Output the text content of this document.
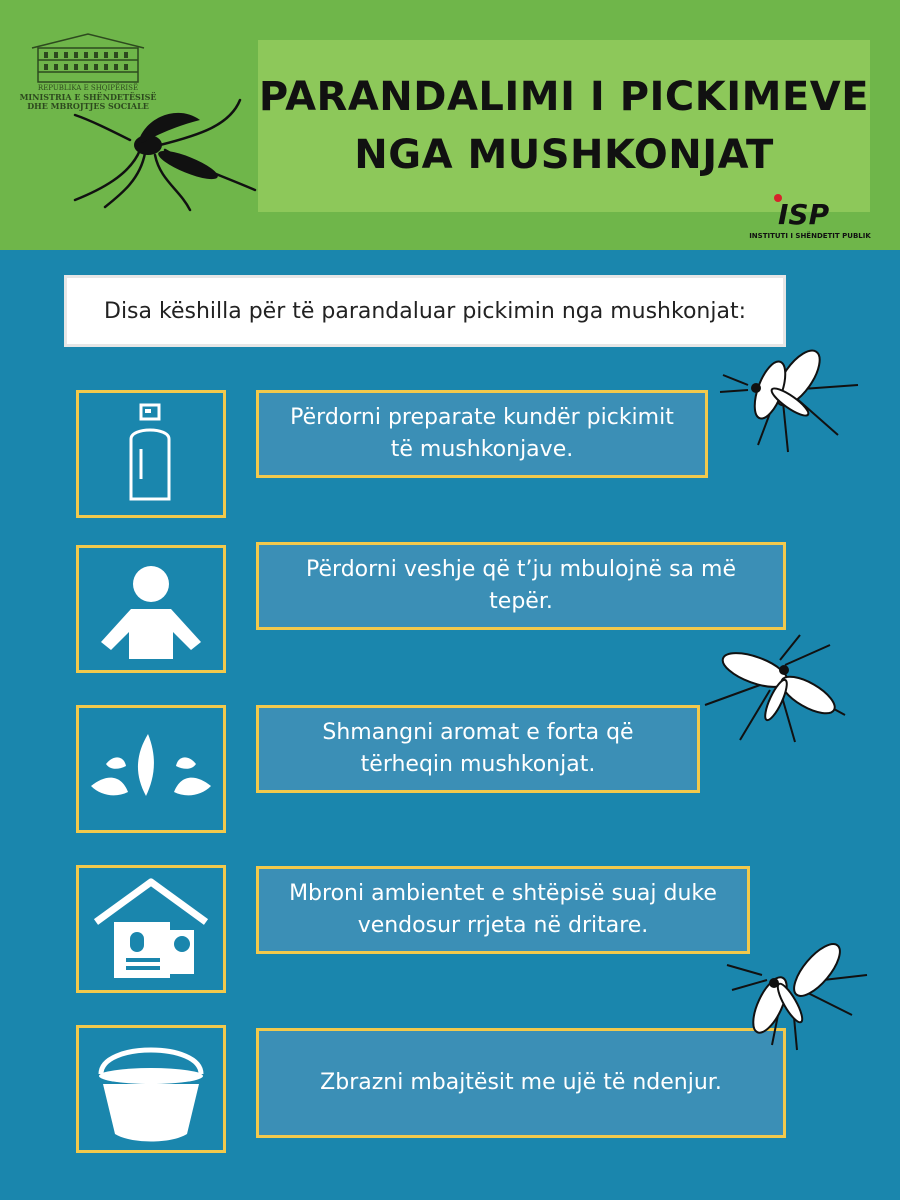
REPUBLIKA E SHQIPËRISË
MINISTRIA E SHËNDETËSISË
DHE MBROJTJES SOCIALE	PARANDALIMI I PICKIMEVE
NGA MUSHKONJAT
ISP
INSTITUTI I SHËNDETIT PUBLIK
Disa këshilla për të parandaluar pickimin nga mushkonjat:
Përdorni preparate kundër pickimit
të mushkonjave.
Përdorni veshje që t’ju mbulojnë sa më
tepër.
Shmangni aromat e forta që
tërheqin mushkonjat.
Mbroni ambientet e shtëpisë suaj duke
vendosur rrjeta në dritare.
Zbrazni mbajtësit me ujë të ndenjur.
